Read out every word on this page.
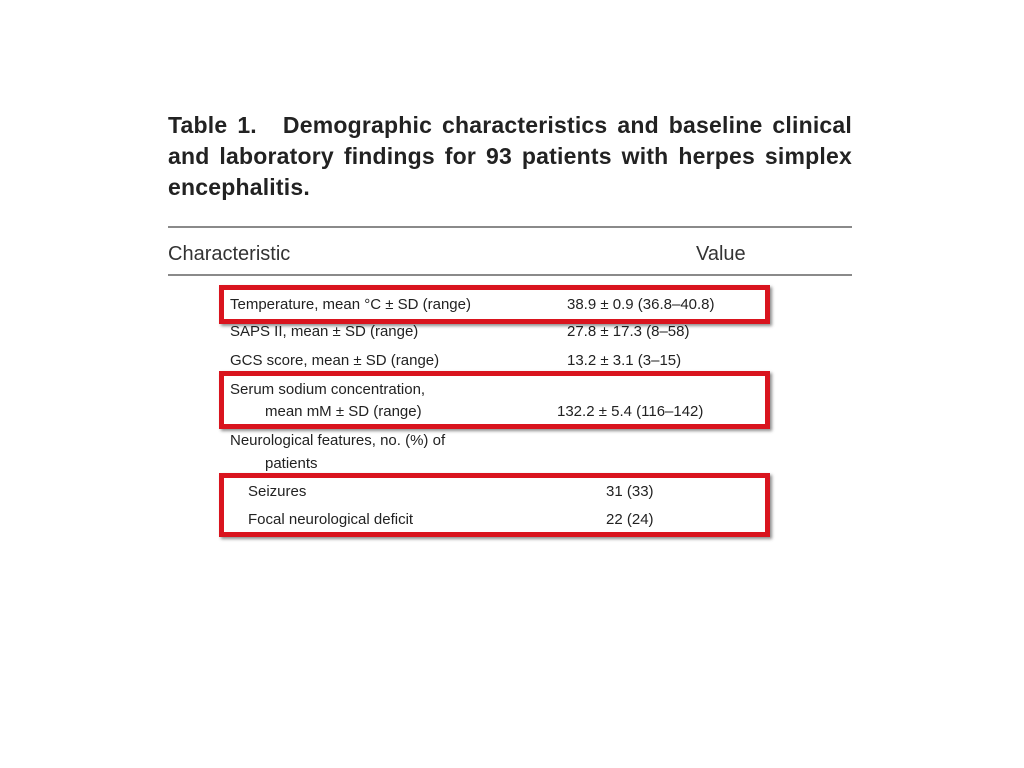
Table 1. Demographic characteristics and baseline clinical and laboratory findings for 93 patients with herpes simplex encephalitis.
Characteristic	Value
Temperature, mean °C ± SD (range)	38.9 ± 0.9 (36.8–40.8)
SAPS II, mean ± SD (range)	27.8 ± 17.3 (8–58)
GCS score, mean ± SD (range)	13.2 ± 3.1 (3–15)
Serum sodium concentration,
mean mM ± SD (range)	132.2 ± 5.4 (116–142)
Neurological features, no. (%) of
patients
Seizures	31 (33)
Focal neurological deficit	22 (24)
